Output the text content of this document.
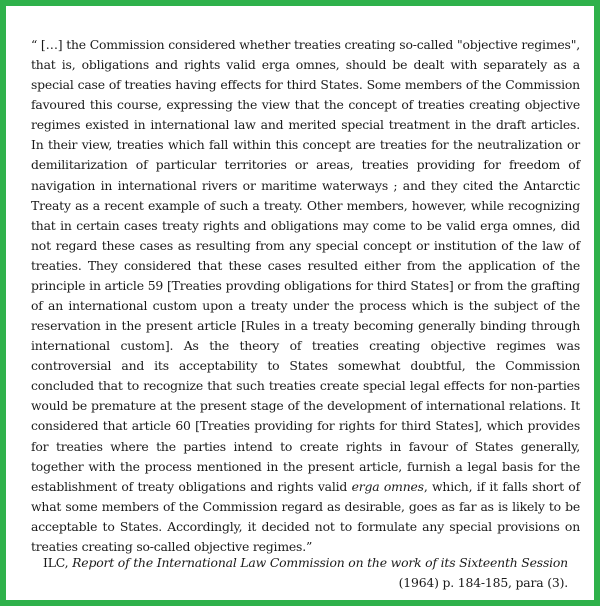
“ […] the Commission considered whether treaties creating so-called "objective regimes", that is, obligations and rights valid erga omnes, should be dealt with separately as a special case of treaties having effects for third States. Some members of the Commission favoured this course, expressing the view that the concept of treaties creating objective regimes existed in international law and merited special treatment in the draft articles. In their view, treaties which fall within this concept are treaties for the neutralization or demilitarization of particular territories or areas, treaties providing for freedom of navigation in international rivers or maritime waterways ; and they cited the Antarctic Treaty as a recent example of such a treaty. Other members, however, while recognizing that in certain cases treaty rights and obligations may come to be valid erga omnes, did not regard these cases as resulting from any special concept or institution of the law of treaties. They considered that these cases resulted either from the application of the principle in article 59 [Treaties provding obligations for third States] or from the grafting of an international custom upon a treaty under the process which is the subject of the reservation in the present article [Rules in a treaty becoming generally binding through international custom]. As the theory of treaties creating objective regimes was controversial and its acceptability to States somewhat doubtful, the Commission concluded that to recognize that such treaties create special legal effects for non-parties would be premature at the present stage of the development of international relations. It considered that article 60 [Treaties providing for rights for third States], which provides for treaties where the parties intend to create rights in favour of States generally, together with the process mentioned in the present article, furnish a legal basis for the establishment of treaty obligations and rights valid erga omnes, which, if it falls short of what some members of the Commission regard as desirable, goes as far as is likely to be acceptable to States. Accordingly, it decided not to formulate any special provisions on treaties creating so-called objective regimes.”

ILC, Report of the International Law Commission on the work of its Sixteenth Session
(1964) p. 184-185, para (3).
